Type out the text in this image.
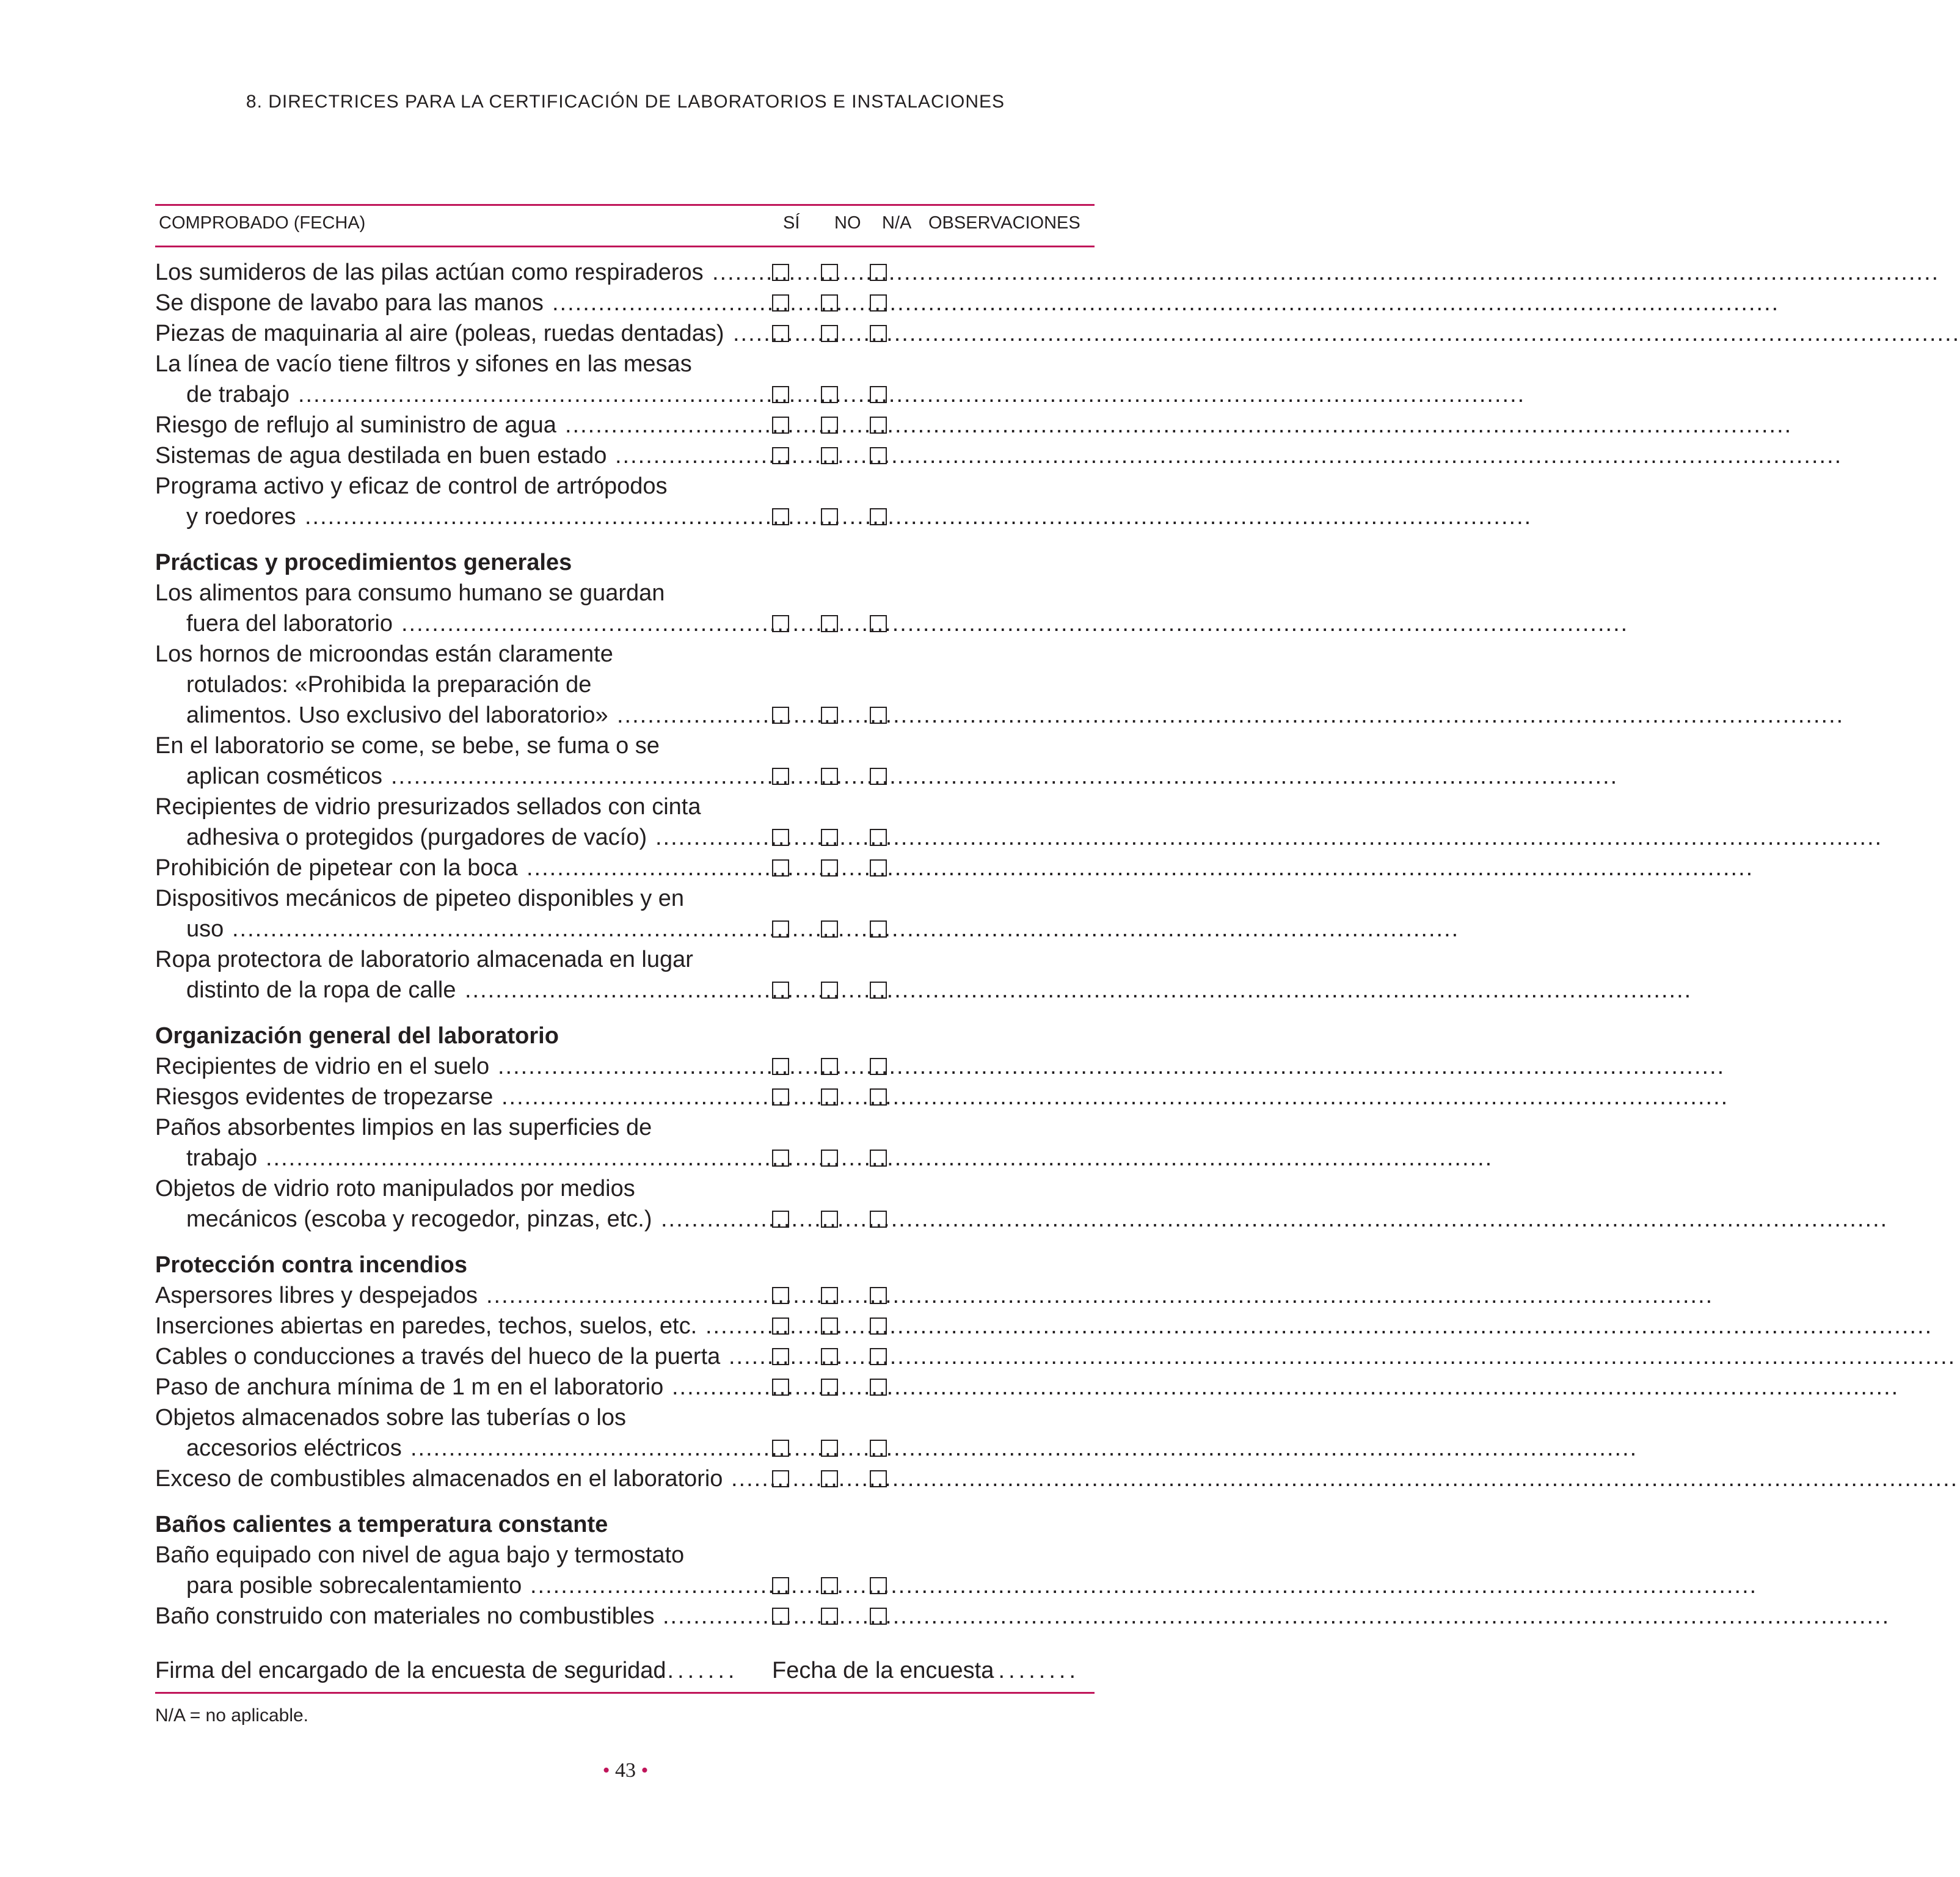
8. DIRECTRICES PARA LA CERTIFICACIÓN DE LABORATORIOS E INSTALACIONES
COMPROBADO (FECHA)	SÍ NO N/A OBSERVACIONES
Los sumideros de las pilas actúan como respiraderos ................................................................................................................................................................
Se dispone de lavabo para las manos ................................................................................................................................................................
Piezas de maquinaria al aire (poleas, ruedas dentadas) ................................................................................................................................................................
La línea de vacío tiene filtros y sifones en las mesas
de trabajo ................................................................................................................................................................
Riesgo de reflujo al suministro de agua ................................................................................................................................................................
Sistemas de agua destilada en buen estado ................................................................................................................................................................
Programa activo y eficaz de control de artrópodos
y roedores ................................................................................................................................................................
Prácticas y procedimientos generales
Los alimentos para consumo humano se guardan
fuera del laboratorio ................................................................................................................................................................
Los hornos de microondas están claramente
rotulados: «Prohibida la preparación de
alimentos. Uso exclusivo del laboratorio» ................................................................................................................................................................
En el laboratorio se come, se bebe, se fuma o se
aplican cosméticos ................................................................................................................................................................
Recipientes de vidrio presurizados sellados con cinta
adhesiva o protegidos (purgadores de vacío) ................................................................................................................................................................
Prohibición de pipetear con la boca ................................................................................................................................................................
Dispositivos mecánicos de pipeteo disponibles y en
uso ................................................................................................................................................................
Ropa protectora de laboratorio almacenada en lugar
distinto de la ropa de calle ................................................................................................................................................................
Organización general del laboratorio
Recipientes de vidrio en el suelo ................................................................................................................................................................
Riesgos evidentes de tropezarse ................................................................................................................................................................
Paños absorbentes limpios en las superficies de
trabajo ................................................................................................................................................................
Objetos de vidrio roto manipulados por medios
mecánicos (escoba y recogedor, pinzas, etc.) ................................................................................................................................................................
Protección contra incendios
Aspersores libres y despejados ................................................................................................................................................................
Inserciones abiertas en paredes, techos, suelos, etc. ................................................................................................................................................................
Cables o conducciones a través del hueco de la puerta ................................................................................................................................................................
Paso de anchura mínima de 1 m en el laboratorio ................................................................................................................................................................
Objetos almacenados sobre las tuberías o los
accesorios eléctricos ................................................................................................................................................................
Exceso de combustibles almacenados en el laboratorio ................................................................................................................................................................
Baños calientes a temperatura constante
Baño equipado con nivel de agua bajo y termostato
para posible sobrecalentamiento ................................................................................................................................................................
Baño construido con materiales no combustibles ................................................................................................................................................................
Firma del encargado de la encuesta de seguridad
........ Fecha de la encuesta
.........
N/A = no aplicable.
• 43 •
